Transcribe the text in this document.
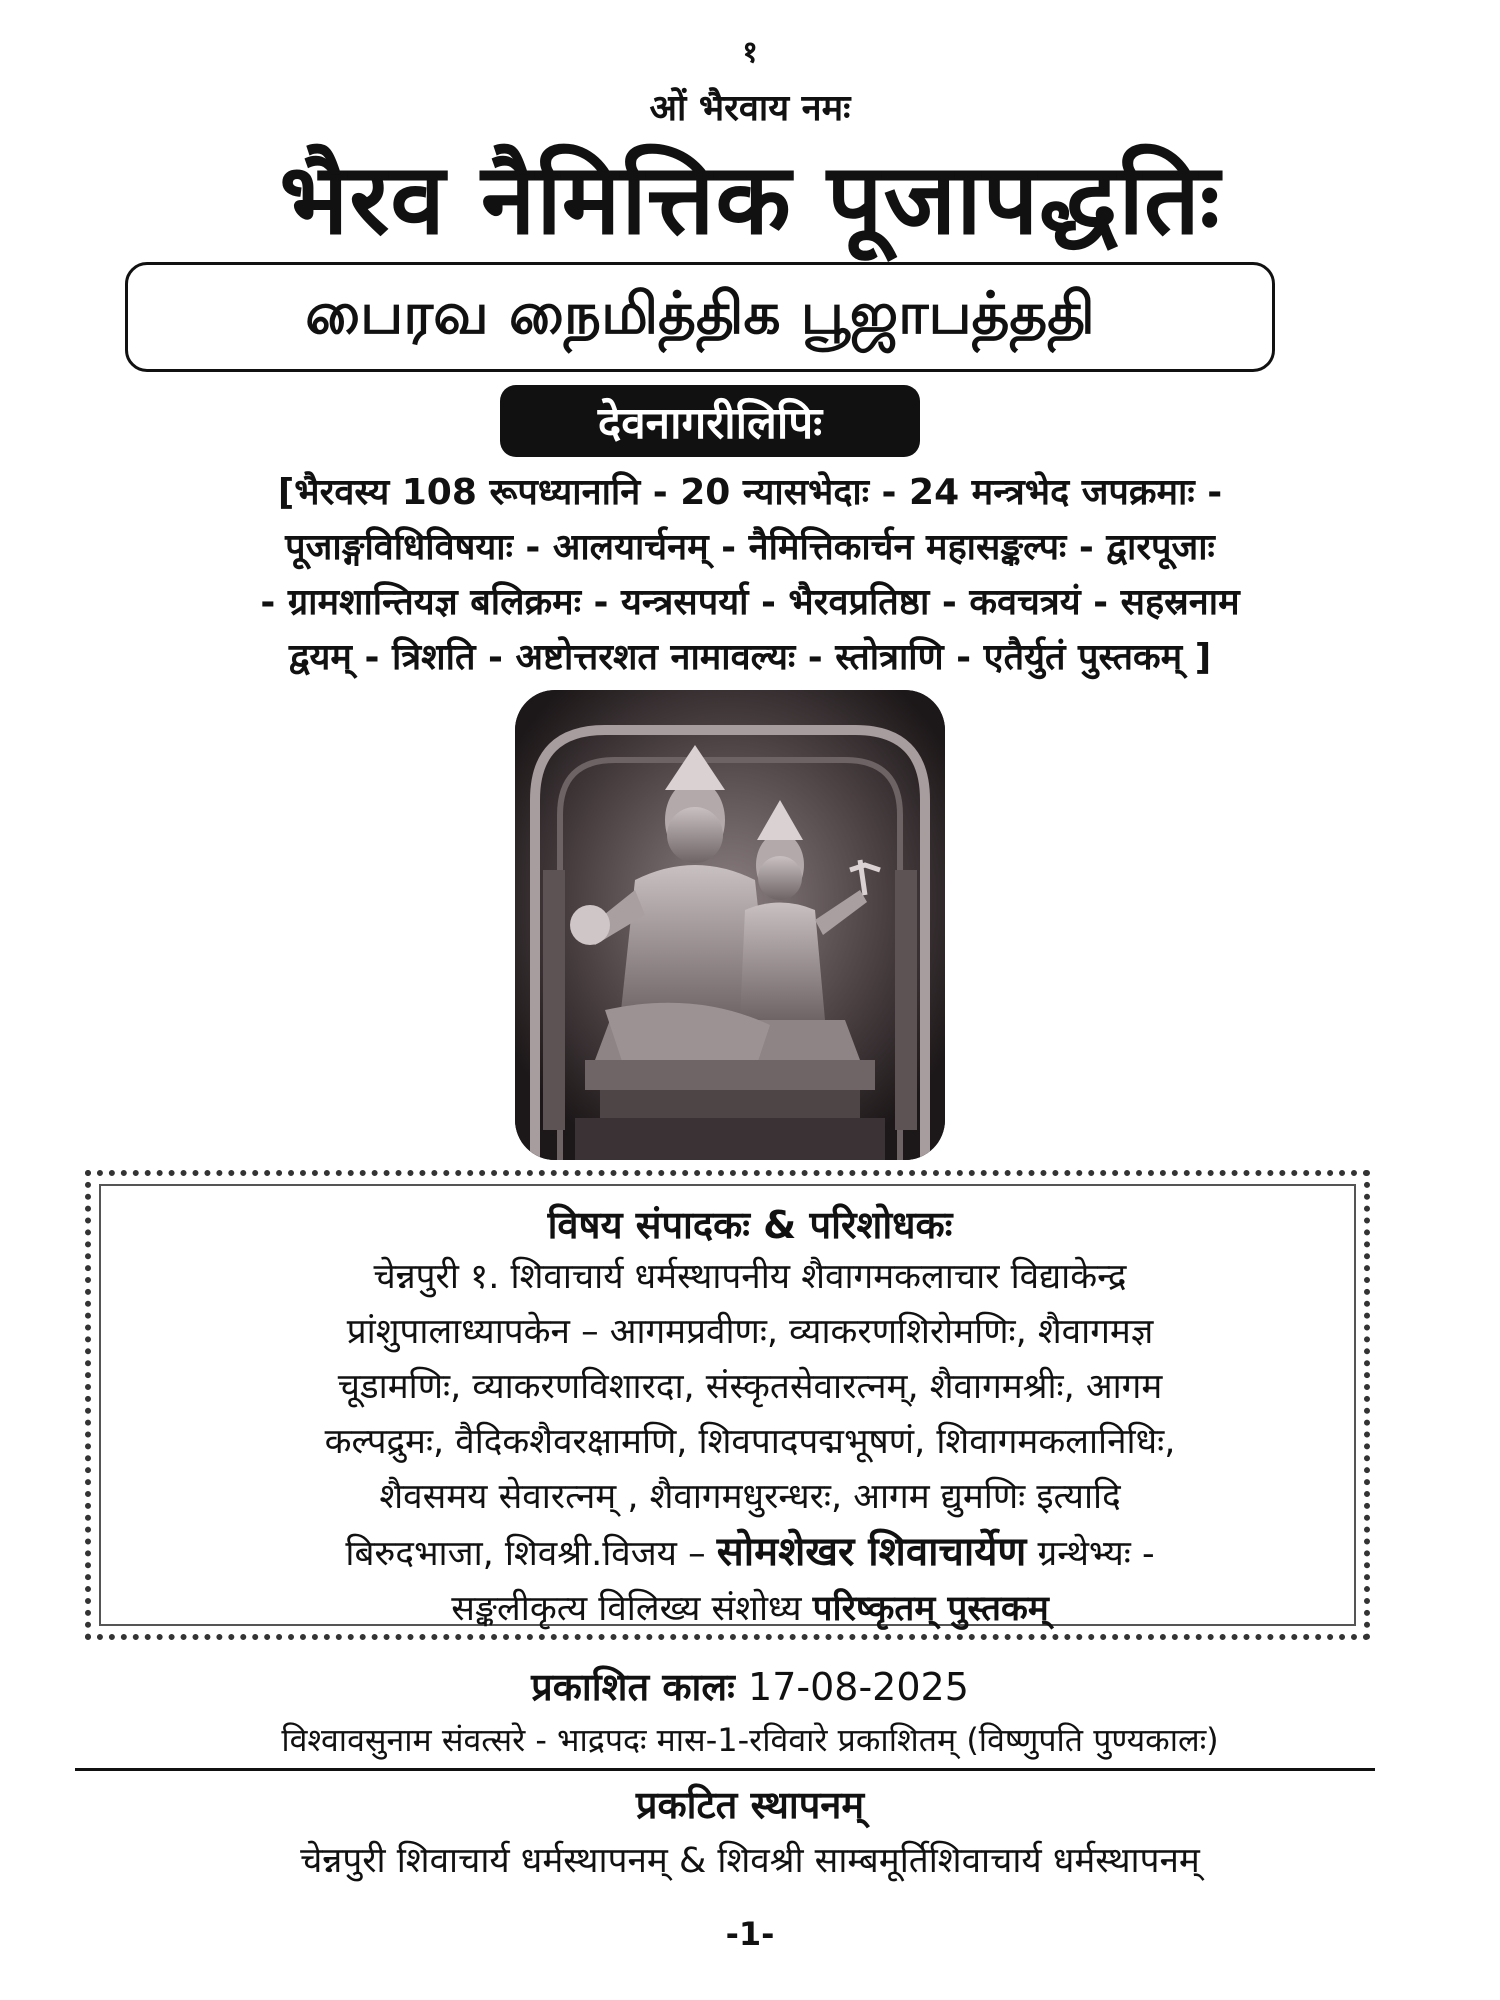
१
ओं भैरवाय नमः
भैरव नैमित्तिक पूजापद्धतिः
பைரவ நைமித்திக பூஜாபத்ததி
देवनागरीलिपिः
[भैरवस्य 108 रूपध्यानानि - 20 न्यासभेदाः - 24 मन्त्रभेद जपक्रमाः -
पूजाङ्गविधिविषयाः - आलयार्चनम् - नैमित्तिकार्चन महासङ्कल्पः - द्वारपूजाः
- ग्रामशान्तियज्ञ बलिक्रमः - यन्त्रसपर्या - भैरवप्रतिष्ठा - कवचत्रयं - सहस्रनाम
द्वयम् - त्रिशति - अष्टोत्तरशत नामावल्यः - स्तोत्राणि - एतैर्युतं पुस्तकम् ]
विषय संपादकः & परिशोधकः
चेन्नपुरी १. शिवाचार्य धर्मस्थापनीय शैवागमकलाचार विद्याकेन्द्र
प्रांशुपालाध्यापकेन – आगमप्रवीणः, व्याकरणशिरोमणिः, शैवागमज्ञ
चूडामणिः, व्याकरणविशारदा, संस्कृतसेवारत्नम्, शैवागमश्रीः, आगम
कल्पद्रुमः, वैदिकशैवरक्षामणि, शिवपादपद्मभूषणं, शिवागमकलानिधिः,
शैवसमय सेवारत्नम् , शैवागमधुरन्धरः, आगम द्युमणिः इत्यादि
बिरुदभाजा, शिवश्री.विजय – सोमशेखर शिवाचार्येण ग्रन्थेभ्यः -
सङ्कलीकृत्य विलिख्य संशोध्य परिष्कृतम् पुस्तकम्
प्रकाशित कालः 17-08-2025
विश्वावसुनाम संवत्सरे - भाद्रपदः मास-1-रविवारे प्रकाशितम् (विष्णुपति पुण्यकालः)
प्रकटित स्थापनम्
चेन्नपुरी शिवाचार्य धर्मस्थापनम् & शिवश्री साम्बमूर्तिशिवाचार्य धर्मस्थापनम्
-1-
